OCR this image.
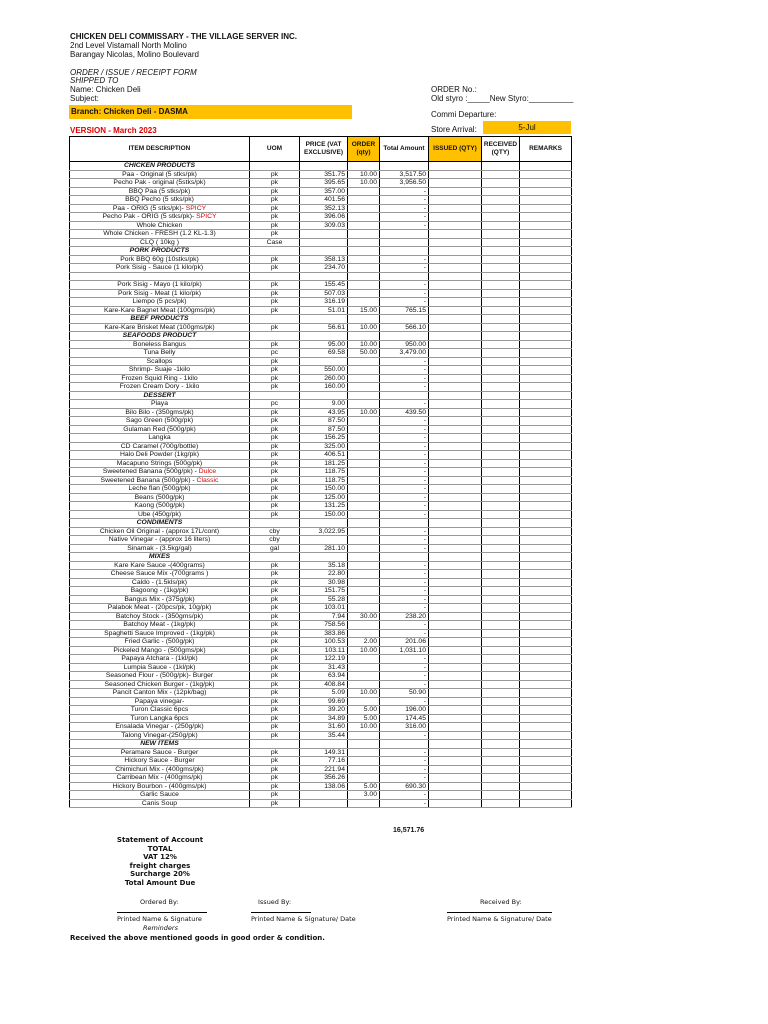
CHICKEN DELI COMMISSARY - THE VILLAGE SERVER INC.
2nd Level Vistamall North Molino
Barangay Nicolas, Molino Boulevard
ORDER / ISSUE / RECEIPT FORM
SHIPPED TO
Name: Chicken Deli
Subject:
Branch: Chicken Deli - DASMA
VERSION - March 2023
ORDER No.:
Old styro :_____New Styro:__________
Commi Departure:
Store Arrival:	5-Jul
ITEM DESCRIPTION	UOM	PRICE (VAT EXCLUSIVE)	ORDER (qty)	Total Amount	ISSUED (QTY)	RECEIVED (QTY)	REMARKS
CHICKEN PRODUCTS							
Paa - Original (5 stks/pk)	pk	351.75	10.00	3,517.50			
Pecho Pak - original (5stks/pk)	pk	395.65	10.00	3,956.50			
BBQ Paa (5 stks/pk)	pk	357.00		-			
BBQ Pecho (5 stks/pk)	pk	401.56		-			
Paa - ORIG (5 stks/pk)- SPICY	pk	352.13		-			
Pecho Pak - ORIG (5 stks/pk)- SPICY	pk	396.06		-			
Whole Chicken	pk	309.03		-			
Whole Chicken - FRESH (1.2 KL-1.3)	pk						
CLQ ( 10kg )	Case						
PORK PRODUCTS							
Pork BBQ 60g (10stks/pk)	pk	358.13		-			
Pork Sisig - Sauce (1 kilo/pk)	pk	234.70		-			

Pork Sisig - Mayo (1 kilo/pk)	pk	155.45		-			
Pork Sisig - Meat (1 kilo/pk)	pk	507.03		-			
Liempo (5 pcs/pk)	pk	316.19		-			
Kare-Kare Bagnet Meat (100gms/pk)	pk	51.01	15.00	765.15			
BEEF PRODUCTS							
Kare-Kare Brisket Meat (100gms/pk)	pk	56.61	10.00	566.10			
SEAFOODS PRODUCT							
Boneless Bangus	pk	95.00	10.00	950.00			
Tuna Belly	pc	69.58	50.00	3,479.00			
Scallops	pk			-			
Shrimp- Suaje -1kilo	pk	550.00		-			
Frozen Squid Ring - 1kilo	pk	260.00		-			
Frozen Cream Dory - 1kilo	pk	160.00		-			
DESSERT							
Playa	pc	9.00		-			
Bilo Bilo - (350gms/pk)	pk	43.95	10.00	439.50			
Sago Green (500g/pk)	pk	87.50		-			
Gulaman Red (500g/pk)	pk	87.50		-			
Langka	pk	156.25		-			
CD Caramel (700g/bottle)	pk	325.00		-			
Halo Deli Powder (1kg/pk)	pk	406.51		-			
Macapuno Strings (500g/pk)	pk	181.25		-			
Sweetened Banana (500g/pk) - Dulce	pk	118.75		-			
Sweetened Banana (500g/pk) - Classic	pk	118.75		-			
Leche flan (500g/pk)	pk	150.00		-			
Beans (500g/pk)	pk	125.00		-			
Kaong (500g/pk)	pk	131.25		-			
Ube (450g/pk)	pk	150.00		-			
CONDIMENTS							
Chicken Oil Original - (approx 17L/cont)	cby	3,022.95		-			
Native Vinegar - (approx 16 liters)	cby			-			
Sinamak - (3.5kg/gal)	gal	281.10		-			
MIXES							
Kare Kare Sauce -(400grams)	pk	35.18		-			
Cheese Sauce Mix -(700grams )	pk	22.80		-			
Caldo - (1.5kls/pk)	pk	30.98		-			
Bagoong - (1kg/pk)	pk	151.75		-			
Bangus Mix - (375g/pk)	pk	55.28		-			
Palabok Meat - (20pcs/pk, 10g/pk)	pk	103.01		-			
Batchoy Stock - (350gms/pk)	pk	7.94	30.00	238.20			
Batchoy Meat - (1kg/pk)	pk	758.56		-			
Spaghetti Sauce Improved - (1kg/pk)	pk	383.86		-			
Fried Garlic - (500g/pk)	pk	100.53	2.00	201.06			
Pickeled Mango - (500gms/pk)	pk	103.11	10.00	1,031.10			
Papaya Atchara - (1kl/pk)	pk	122.19		-			
Lumpia Sauce - (1kl/pk)	pk	31.43		-			
Seasoned Flour - (500g/pk)- Burger	pk	63.94		-			
Seasoned Chicken Burger - (1kg/pk)	pk	408.84		-			
Pancit Canton Mix - (12pk/bag)	pk	5.09	10.00	50.90			
Papaya vinegar-	pk	99.69		-			
Turon Classic 6pcs	pk	39.20	5.00	196.00			
Turon Langka 6pcs	pk	34.89	5.00	174.45			
Ensalada Vinegar - (250g/pk)	pk	31.60	10.00	316.00			
Talong Vinegar-(250g/pk)	pk	35.44		-			
NEW ITEMS							
Peramare Sauce - Burger	pk	149.31		-			
Hickory Sauce - Burger	pk	77.16		-			
Chimichuri Mix - (400gms/pk)	pk	221.94		-			
Carribean Mix - (400gms/pk)	pk	356.26		-			
Hickory Bourbon - (400gms/pk)	pk	138.06	5.00	690.30			
Garlic Sauce	pk		3.00	-			
Canis Soup	pk			-			
16,571.76
Statement of Account
TOTAL
VAT 12%
freight charges
Surcharge 20%
Total Amount Due
Ordered By:	Issued By:	Received By:
Printed Name & Signature	Printed Name & Signature/ Date	Printed Name & Signature/ Date
Reminders
Received the above mentioned goods in good order & condition.
